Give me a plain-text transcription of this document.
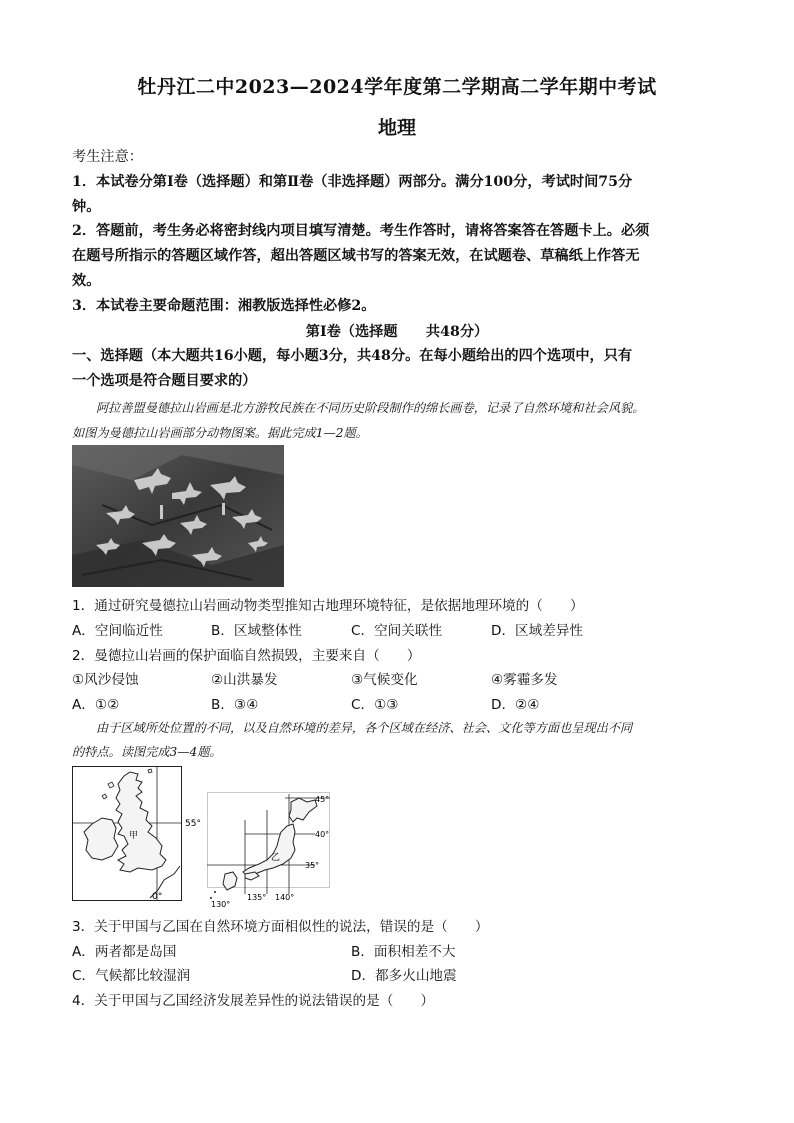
牡丹江二中2023—2024学年度第二学期高二学年期中考试
地理
考生注意：
1．本试卷分第Ⅰ卷（选择题）和第Ⅱ卷（非选择题）两部分。满分100分，考试时间75分
钟。
2．答题前，考生务必将密封线内项目填写清楚。考生作答时，请将答案答在答题卡上。必须
在题号所指示的答题区域作答，超出答题区域书写的答案无效，在试题卷、草稿纸上作答无
效。
3．本试卷主要命题范围：湘教版选择性必修2。
第Ⅰ卷（选择题　　共48分）
一、选择题（本大题共16小题，每小题3分，共48分。在每小题给出的四个选项中，只有
一个选项是符合题目要求的）
阿拉善盟曼德拉山岩画是北方游牧民族在不同历史阶段制作的绵长画卷，记录了自然环境和社会风貌。
如图为曼德拉山岩画部分动物图案。据此完成1—2题。
1．通过研究曼德拉山岩画动物类型推知古地理环境特征，是依据地理环境的（　　）
A．空间临近性	B．区域整体性	C．空间关联性	D．区域差异性
2．曼德拉山岩画的保护面临自然损毁，主要来自（　　）
①风沙侵蚀	②山洪暴发	③气候变化	④雾霾多发
A．①②	B．③④	C．①③	D．②④
由于区域所处位置的不同，以及自然环境的差异，各个区域在经济、社会、文化等方面也呈现出不同
的特点。读图完成3—4题。
甲
55°
0°
乙
45°
40°
35°
130°
135° 140°
3．关于甲国与乙国在自然环境方面相似性的说法，错误的是（　　）
A．两者都是岛国	B．面积相差不大
C．气候都比较湿润	D．都多火山地震
4．关于甲国与乙国经济发展差异性的说法错误的是（　　）
